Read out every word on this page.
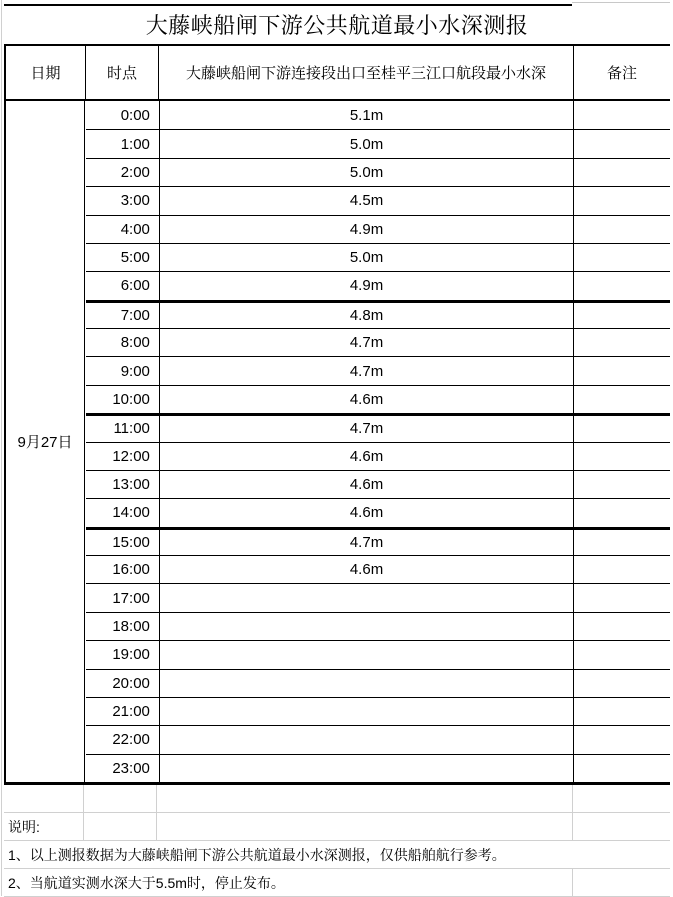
大藤峡船闸下游公共航道最小水深测报
日期	时点	大藤峡船闸下游连接段出口至桂平三江口航段最小水深	备注
9月27日
0:00	5.1m
1:00	5.0m
2:00	5.0m
3:00	4.5m
4:00	4.9m
5:00	5.0m
6:00	4.9m
7:00	4.8m
8:00	4.7m
9:00	4.7m
10:00	4.6m
11:00	4.7m
12:00	4.6m
13:00	4.6m
14:00	4.6m
15:00	4.7m
16:00	4.6m
17:00
18:00
19:00
20:00
21:00
22:00
23:00
说明:
1、以上测报数据为大藤峡船闸下游公共航道最小水深测报，仅供船舶航行参考。
2、当航道实测水深大于5.5m时，停止发布。
